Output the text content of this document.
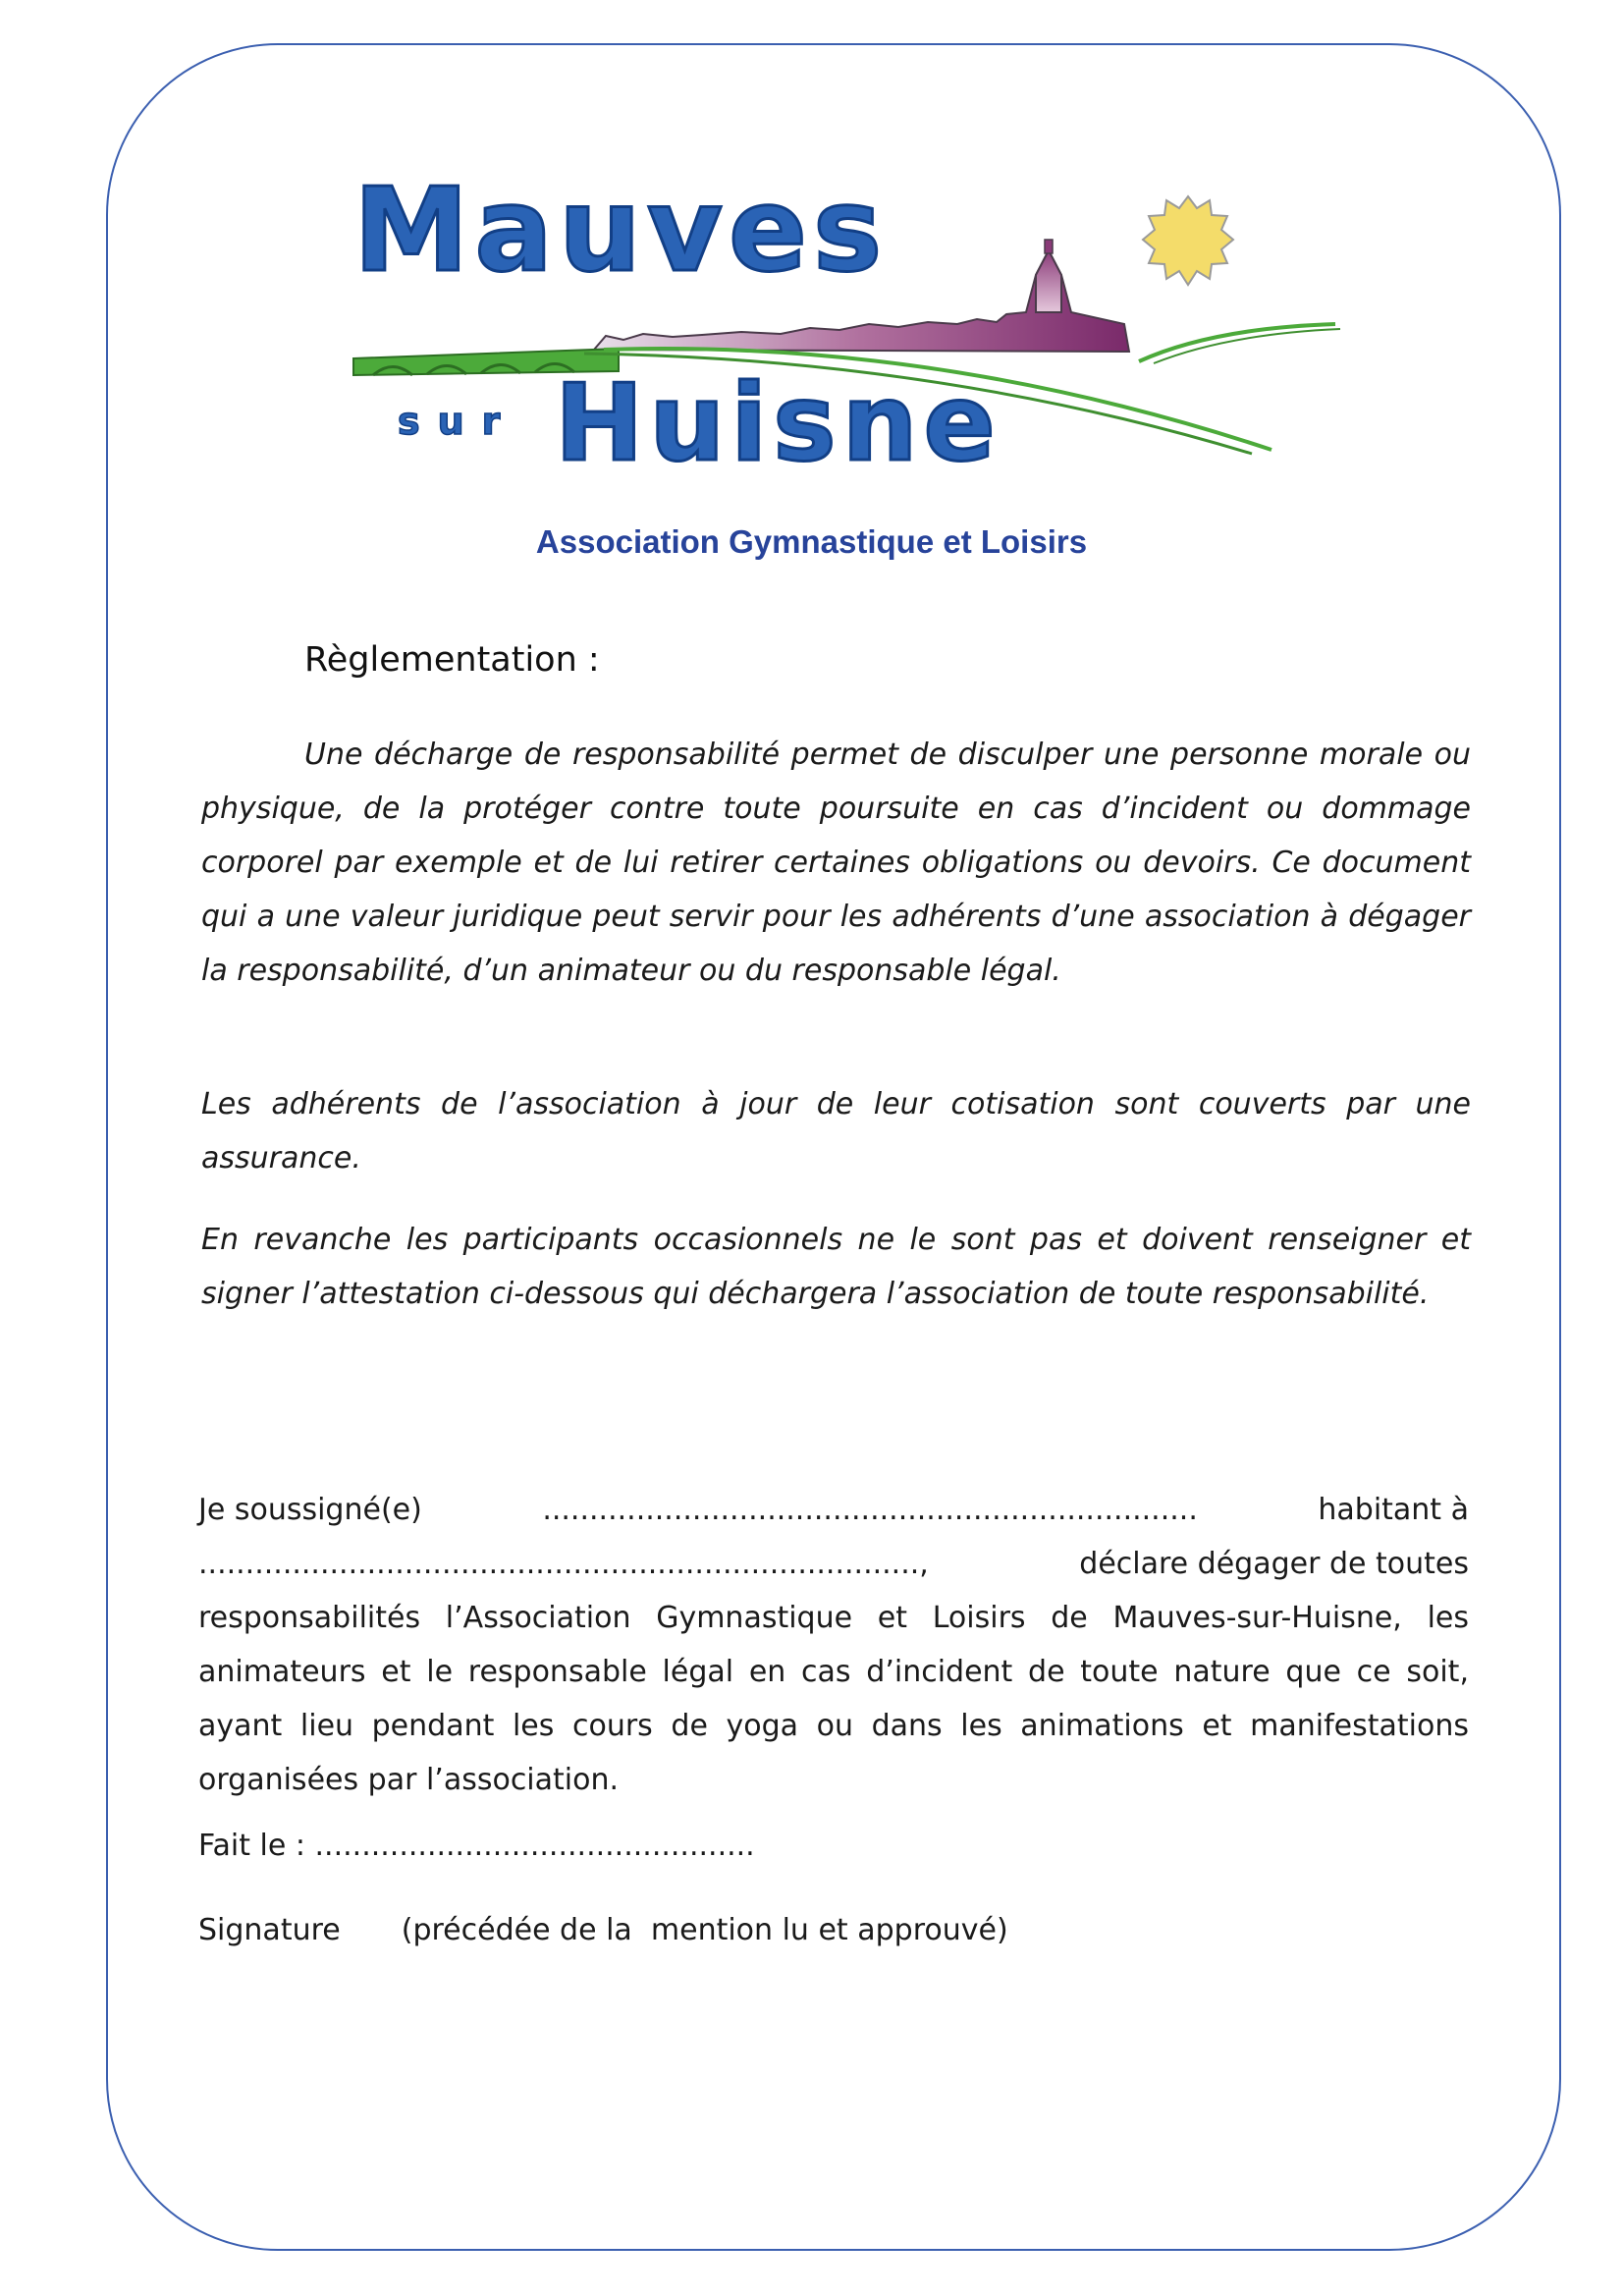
Mauves
sur Huisne
Association Gymnastique et Loisirs
Règlementation :
Une décharge de responsabilité permet de disculper une personne morale ou physique, de la protéger contre toute poursuite en cas d’incident ou dommage corporel par exemple et de lui retirer certaines obligations ou devoirs. Ce document qui a une valeur juridique peut servir pour les adhérents d’une association à dégager la responsabilité, d’un animateur ou du responsable légal.
Les adhérents de l’association à jour de leur cotisation sont couverts par une assurance.
En revanche les participants occasionnels ne le sont pas et doivent renseigner et signer l’attestation ci-dessous qui déchargera l’association de toute responsabilité.
Je soussigné(e)	......................................................................	habitant à
.............................................................................,	déclare dégager de toutes
responsabilités l’Association Gymnastique et Loisirs de Mauves-sur-Huisne, les animateurs et le responsable légal en cas d’incident de toute nature que ce soit, ayant lieu pendant les cours de yoga ou dans les animations et manifestations organisées par l’association.
Fait le : ...............................................
Signature (précédée de la  mention lu et approuvé)
